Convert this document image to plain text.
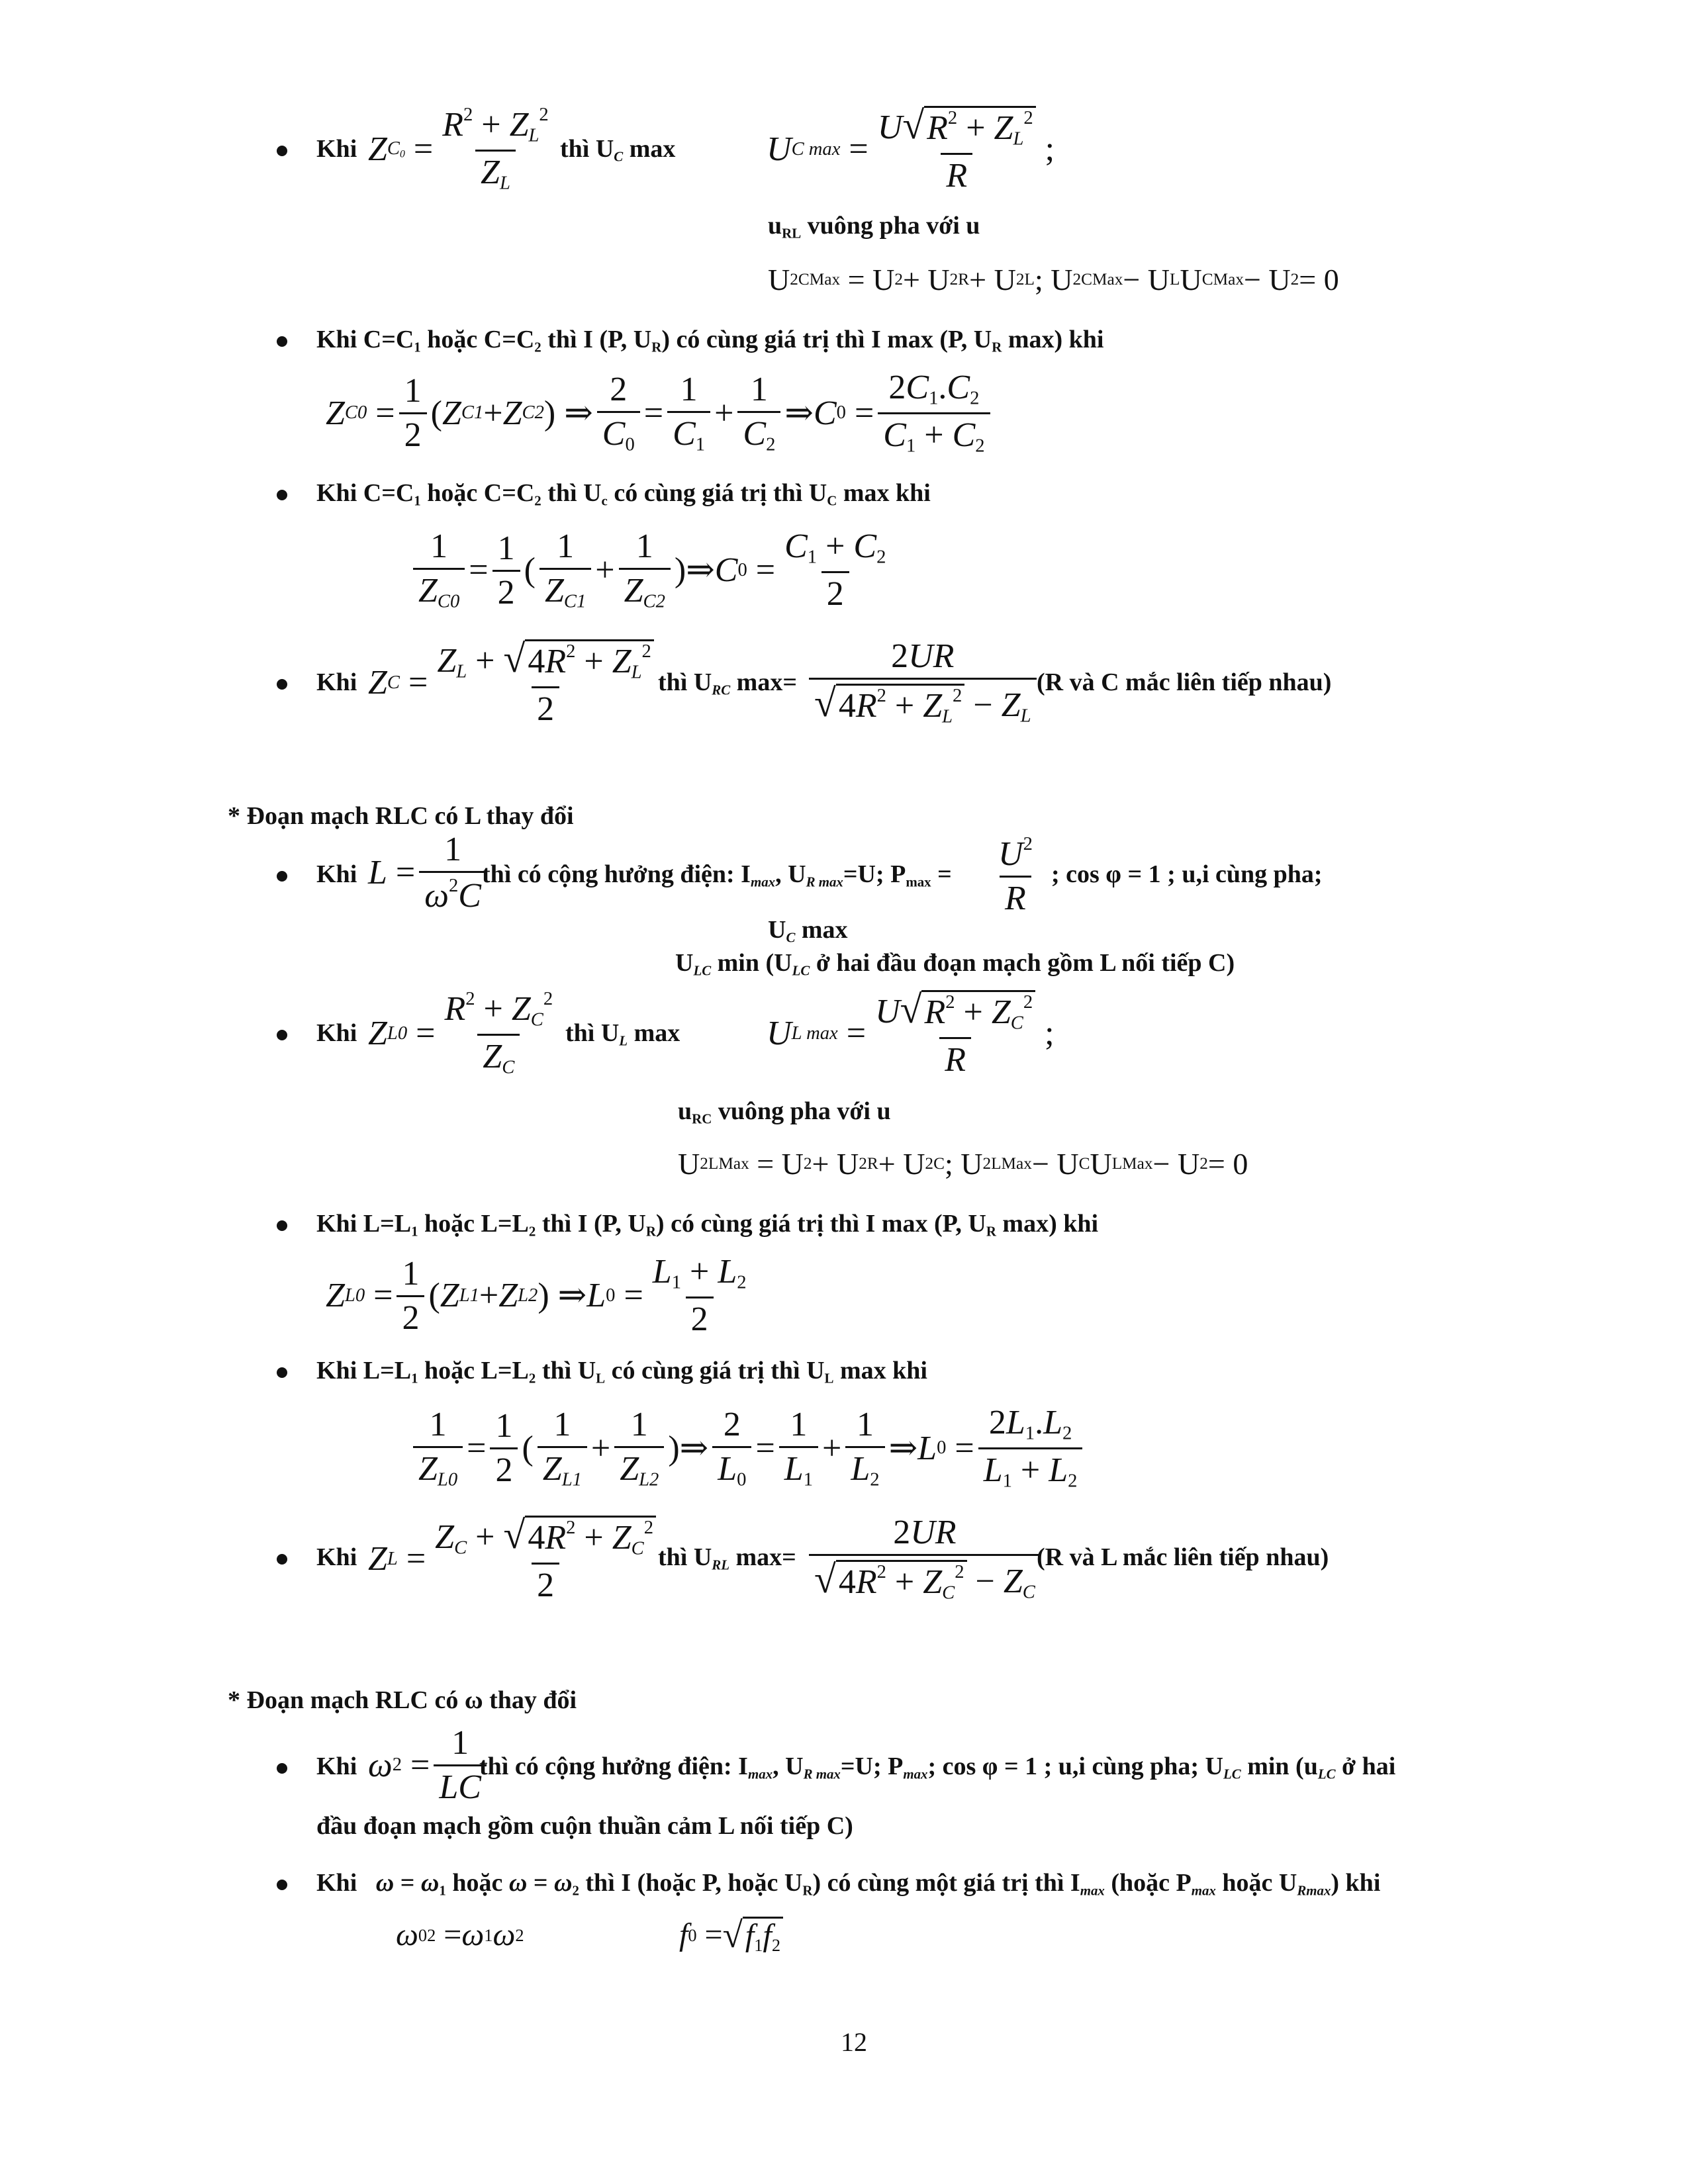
Khi Z $C_0 = \frac{R^2 + Z_L^2}{Z_L}$ thì $U_C$ max	U C $\max = \frac{U √ R^2 + Z_L^2}{R}$ ;
$u_{RL}$ vuông pha với u
U 2 CMax = U 2 + U 2 R + U 2 L ; U 2 CMax − U L U CMax − U 2 = 0
Khi $C=C_1$ hoặc $C=C_2$ thì I (P, $U_R$) có cùng giá trị thì I max (P, $U_R$ max) khi
Z $C0 = \frac{1}{2}$ ( Z C1 + Z C2 ) ⇒ $\frac{2}{C_0} = \frac{1}{C_1} + \frac{1}{C_2}$ ⇒ C $0 = \frac{2C_1.C_2}{C_1 + C_2}$
Khi $C=C_1$ hoặc $C=C_2$ thì $U_c$ có cùng giá trị thì $U_C$ max khi
$\frac{1}{Z_{C0}} = \frac{1}{2}$ ( $\frac{1}{Z_{C1}} + \frac{1}{Z_{C2}}$ )⇒ C $0 = \frac{C_1 + C_2}{2}$
Khi Z $C = \frac{Z_L + √ 4R^2 + Z_L^2}{2}$
thì $U_{RC}$ $\max= \frac{2UR}{√ 4R^2 + Z_L^2 - Z_L} (R$ và C mắc liên tiếp nhau)
* Đoạn mạch RLC có L thay đổi
Khi $L = \frac{1}{\omega^2C}$
thì có cộng hưởng điện: $I_{max}$, $U_{R max}=U$; $P_{max} = \frac{U^2}{R}$ ; cos φ = 1 ; u,i cùng pha;
$U_C$ max
$U_{LC}$ $\min (U_{LC}$ ở hai đầu đoạn mạch gồm L nối tiếp C)
Khi Z $L0 = \frac{R^2 + Z_C^2}{Z_C}$ thì $U_L$ max	U L $\max = \frac{U √ R^2 + Z_C^2}{R}$ ;
$u_{RC}$ vuông pha với u
U 2 LMax = U 2 + U 2 R + U 2 C ; U 2 LMax − U C U LMax − U 2 = 0
Khi $L=L_1$ hoặc $L=L_2$ thì I (P, $U_R$) có cùng giá trị thì I max (P, $U_R$ max) khi
Z $L0 = \frac{1}{2}$ ( Z L1 + Z L2 ) ⇒ L $0 = \frac{L_1 + L_2}{2}$
Khi $L=L_1$ hoặc $L=L_2$ thì $U_L$ có cùng giá trị thì $U_L$ max khi
$\frac{1}{Z_{L0}} = \frac{1}{2}$ ( $\frac{1}{Z_{L1}} + \frac{1}{Z_{L2}}$ )⇒ $\frac{2}{L_0} = \frac{1}{L_1} + \frac{1}{L_2}$ ⇒ L $0 = \frac{2L_1.L_2}{L_1 + L_2}$
Khi Z $L = \frac{Z_C + √ 4R^2 + Z_C^2}{2}$
thì $U_{RL}$ $\max= \frac{2UR}{√ 4R^2 + Z_C^2 - Z_C}$
(R và L mắc liên tiếp nhau)
* Đoạn mạch RLC có ω thay đổi
Khi ω $2 = \frac{1}{LC}$
thì có cộng hưởng điện: $I_{max}$, $U_{R max}=U$; $P_{max}$; cos φ = 1 ; u,i cùng pha; $U_{LC}$ $\min (u_{LC}$ ở hai
đầu đoạn mạch gồm cuộn thuần cảm L nối tiếp C)
Khi $\omega = \omega_1$ hoặc $\omega = \omega_2$ thì I (hoặc P, hoặc $U_R$) có cùng một giá trị thì $I_{max}$ (hoặc $P_{max}$ hoặc $U_{Rmax}$) khi
ω 0 2 = ω 1 ω 2	f 0 = √ $f_1f_2$
12
